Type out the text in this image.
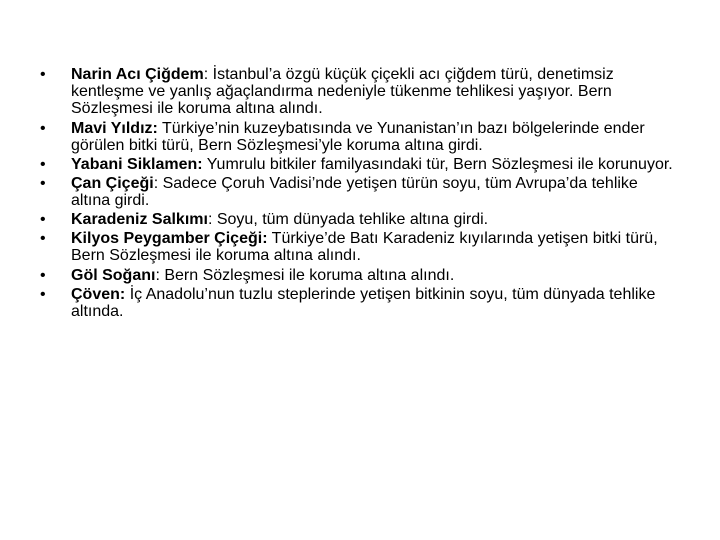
• Narin Acı Çiğdem: İstanbul’a özgü küçük çiçekli acı çiğdem türü, denetimsiz kentleşme ve yanlış ağaçlandırma nedeniyle tükenme tehlikesi yaşıyor. Bern Sözleşmesi ile koruma altına alındı.
• Mavi Yıldız: Türkiye’nin kuzeybatısında ve Yunanistan’ın bazı bölgelerinde ender görülen bitki türü, Bern Sözleşmesi’yle koruma altına girdi.
• Yabani Siklamen: Yumrulu bitkiler familyasındaki tür, Bern Sözleşmesi ile korunuyor.
• Çan Çiçeği: Sadece Çoruh Vadisi’nde yetişen türün soyu, tüm Avrupa’da tehlike altına girdi.
• Karadeniz Salkımı: Soyu, tüm dünyada tehlike altına girdi.
• Kilyos Peygamber Çiçeği: Türkiye’de Batı Karadeniz kıyılarında yetişen bitki türü, Bern Sözleşmesi ile koruma altına alındı.
• Göl Soğanı: Bern Sözleşmesi ile koruma altına alındı.
• Çöven: İç Anadolu’nun tuzlu steplerinde yetişen bitkinin soyu, tüm dünyada tehlike altında.
